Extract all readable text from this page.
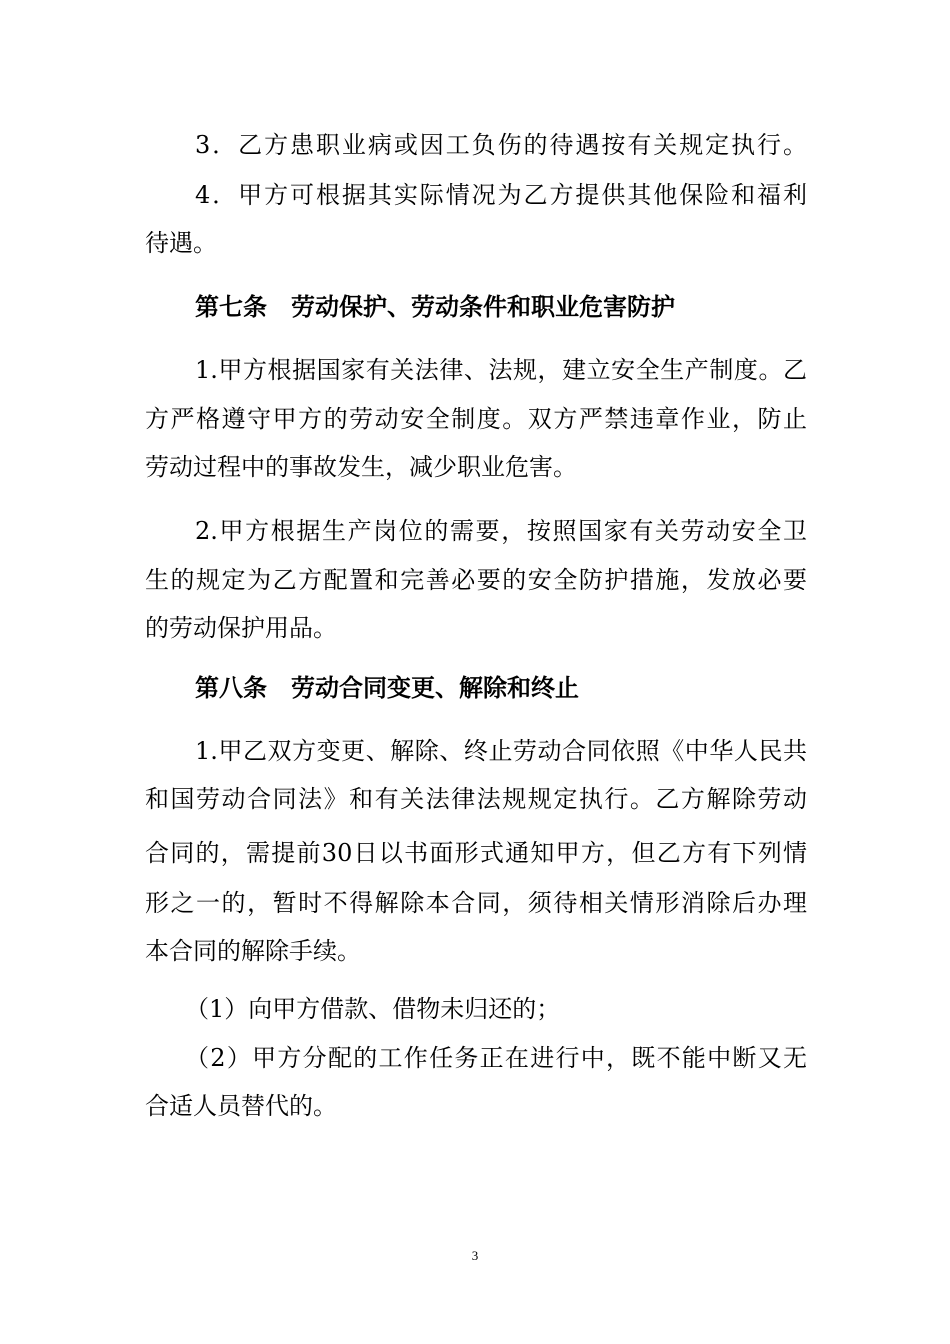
3．乙方患职业病或因工负伤的待遇按有关规定执行。
4．甲方可根据其实际情况为乙方提供其他保险和福利
待遇。
第七条 劳动保护、劳动条件和职业危害防护
1.甲方根据国家有关法律、法规，建立安全生产制度。乙
方严格遵守甲方的劳动安全制度。双方严禁违章作业，防止
劳动过程中的事故发生，减少职业危害。
2.甲方根据生产岗位的需要，按照国家有关劳动安全卫
生的规定为乙方配置和完善必要的安全防护措施，发放必要
的劳动保护用品。
第八条 劳动合同变更、解除和终止
1.甲乙双方变更、解除、终止劳动合同依照《中华人民共
和国劳动合同法》和有关法律法规规定执行。乙方解除劳动
合同的，需提前30日以书面形式通知甲方，但乙方有下列情
形之一的，暂时不得解除本合同，须待相关情形消除后办理
本合同的解除手续。
（1）向甲方借款、借物未归还的；
（2）甲方分配的工作任务正在进行中，既不能中断又无
合适人员替代的。
3
